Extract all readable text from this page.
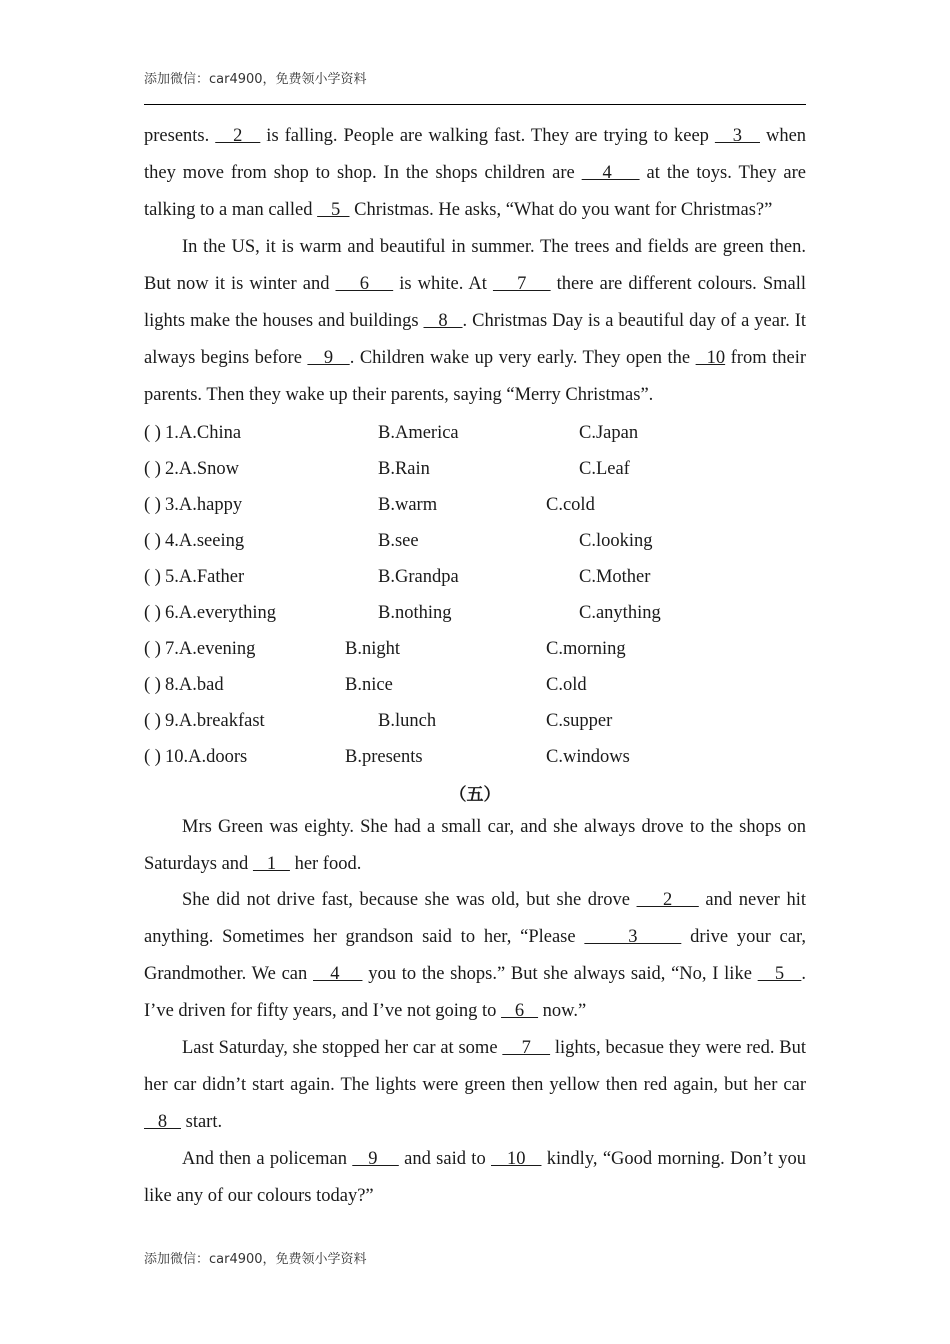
添加微信：car4900，免费领小学资料

presents.    2    is falling. People are walking fast. They are trying to keep    3    when they move from shop to shop. In the shops children are    4     at the toys. They are talking to a man called    5   Christmas. He asks, “What do you want for Christmas?”

In the US, it is warm and beautiful in summer. The trees and fields are green then. But now it is winter and     6     is white. At     7     there are different colours. Small lights make the houses and buildings    8   . Christmas Day is a beautiful day of a year. It always begins before    9   . Children wake up very early. They open the   10 from their parents. Then they wake up their parents, saying “Merry Christmas”.

( ) 1.A.China	B.America	C.Japan
( ) 2.A.Snow	B.Rain	C.Leaf
( ) 3.A.happy	B.warm	C.cold
( ) 4.A.seeing	B.see	C.looking
( ) 5.A.Father	B.Grandpa	C.Mother
( ) 6.A.everything	B.nothing	C.anything
( ) 7.A.evening	B.night	C.morning
( ) 8.A.bad	B.nice	C.old
( ) 9.A.breakfast	B.lunch	C.supper
( ) 10.A.doors	B.presents	C.windows
（五）

Mrs Green was eighty. She had a small car, and she always drove to the shops on Saturdays and    1    her food.

She did not drive fast, because she was old, but she drove     2     and never hit anything. Sometimes her grandson said to her, “Please      3      drive your car, Grandmother. We can    4     you to the shops.” But she always said, “No, I like    5   . I’ve driven for fifty years, and I’ve not going to    6    now.”

Last Saturday, she stopped her car at some     7     lights, becasue they were red. But her car didn’t start again. The lights were green then yellow then red again, but her car    8    start.

And then a policeman    9     and said to    10    kindly, “Good morning. Don’t you like any of our colours today?”

添加微信：car4900，免费领小学资料
